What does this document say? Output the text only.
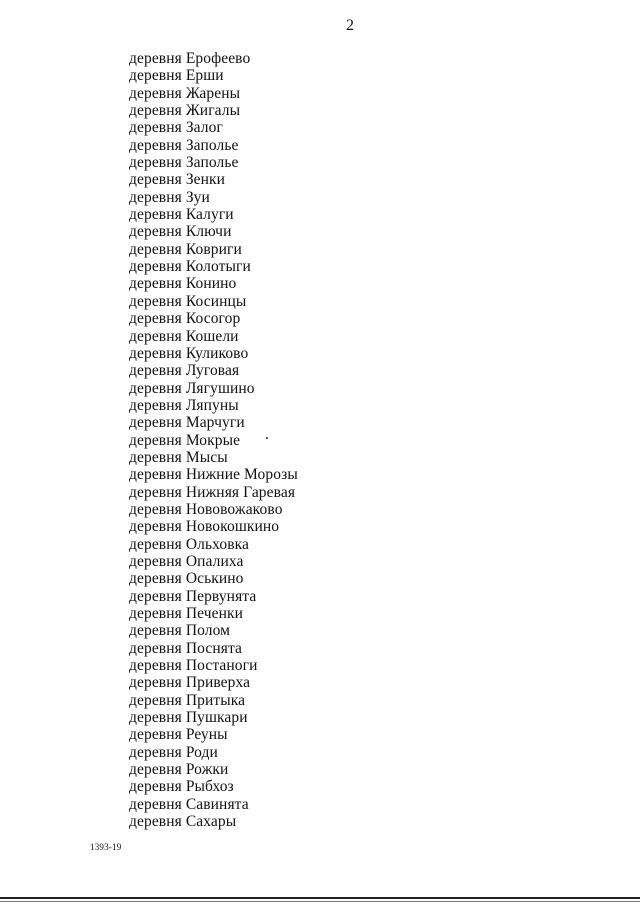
2
деревня Ерофеево
деревня Ерши
деревня Жарены
деревня Жигалы
деревня Залог
деревня Заполье
деревня Заполье
деревня Зенки
деревня Зуи
деревня Калуги
деревня Ключи
деревня Ковриги
деревня Колотыги
деревня Конино
деревня Косинцы
деревня Косогор
деревня Кошели
деревня Куликово
деревня Луговая
деревня Лягушино
деревня Ляпуны
деревня Марчуги
деревня Мокрые
деревня Мысы
деревня Нижние Морозы
деревня Нижняя Гаревая
деревня Нововожаково
деревня Новокошкино
деревня Ольховка
деревня Опалиха
деревня Оськино
деревня Первунята
деревня Печенки
деревня Полом
деревня Поснята
деревня Постаноги
деревня Приверха
деревня Притыка
деревня Пушкари
деревня Реуны
деревня Роди
деревня Рожки
деревня Рыбхоз
деревня Савинята
деревня Сахары
1393-19
